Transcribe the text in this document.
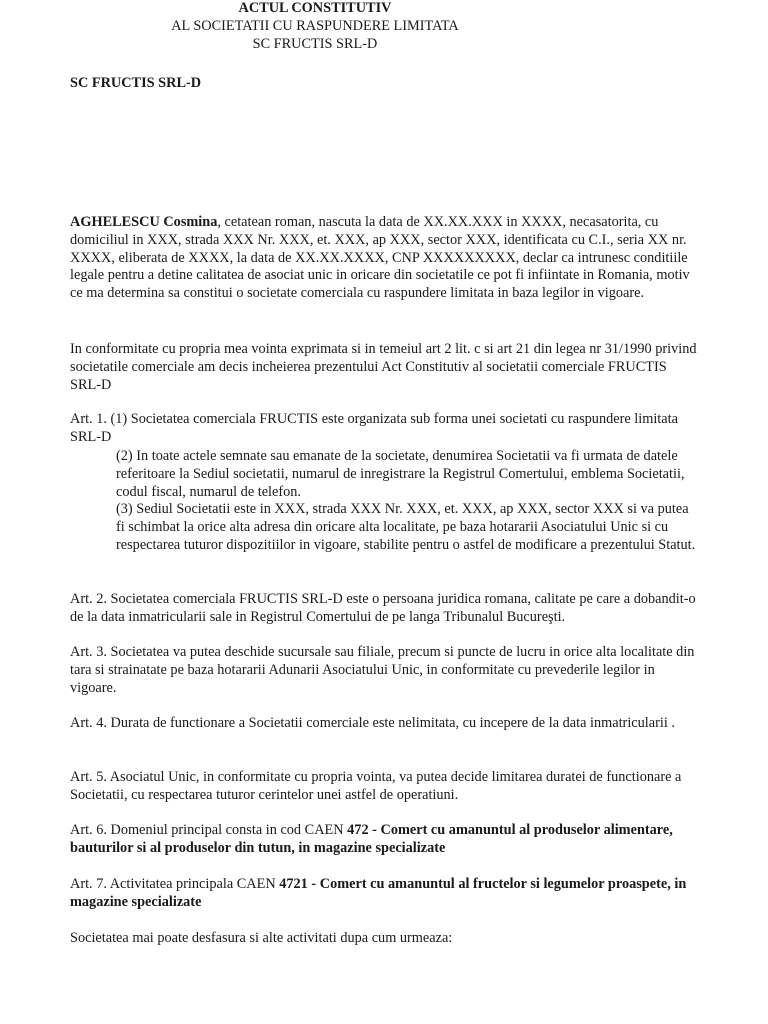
SC FRUCTIS SRL-D

ACTUL CONSTITUTIV
AL SOCIETATII CU RASPUNDERE LIMITATA
SC FRUCTIS SRL-D

AGHELESCU Cosmina, cetatean roman, nascuta la data de XX.XX.XXX in XXXX, necasatorita, cu domiciliul in XXX, strada XXX Nr. XXX, et. XXX, ap XXX, sector XXX, identificata cu C.I., seria XX nr. XXXX, eliberata de XXXX, la data de XX.XX.XXXX, CNP XXXXXXXXX, declar ca intrunesc conditiile legale pentru a detine calitatea de asociat unic in oricare din societatile ce pot fi infiintate in Romania, motiv ce ma determina sa constitui o societate comerciala cu raspundere limitata in baza legilor in vigoare.

In conformitate cu propria mea vointa exprimata si in temeiul art 2 lit. c si art 21 din legea nr 31/1990 privind societatile comerciale am decis incheierea prezentului Act Constitutiv al societatii comerciale FRUCTIS SRL-D

Art. 1. (1) Societatea comerciala FRUCTIS este organizata sub forma unei societati cu raspundere limitata SRL-D

(2) In toate actele semnate sau emanate de la societate, denumirea Societatii va fi urmata de datele referitoare la Sediul societatii, numarul de inregistrare la Registrul Comertului, emblema Societatii, codul fiscal, numarul de telefon.

(3) Sediul Societatii este in XXX, strada XXX Nr. XXX, et. XXX, ap XXX, sector XXX si va putea fi schimbat la orice alta adresa din oricare alta localitate, pe baza hotararii Asociatului Unic si cu respectarea tuturor dispozitiilor in vigoare, stabilite pentru o astfel de modificare a prezentului Statut.

Art. 2. Societatea comerciala FRUCTIS SRL-D este o persoana juridica romana, calitate pe care a dobandit-o de la data inmatricularii sale in Registrul Comertului de pe langa Tribunalul Bucureşti.

Art. 3. Societatea va putea deschide sucursale sau filiale, precum si puncte de lucru in orice alta localitate din tara si strainatate pe baza hotararii Adunarii Asociatului Unic, in conformitate cu prevederile legilor in vigoare.

Art. 4. Durata de functionare a Societatii comerciale este nelimitata, cu incepere de la data inmatricularii .

Art. 5. Asociatul Unic, in conformitate cu propria vointa, va putea decide limitarea duratei de functionare a Societatii, cu respectarea tuturor cerintelor unei astfel de operatiuni.

Art. 6. Domeniul principal consta in cod CAEN 472 - Comert cu amanuntul al produselor alimentare, bauturilor si al produselor din tutun, in magazine specializate

Art. 7. Activitatea principala CAEN 4721 - Comert cu amanuntul al fructelor si legumelor proaspete, in magazine specializate

Societatea mai poate desfasura si alte activitati dupa cum urmeaza:
